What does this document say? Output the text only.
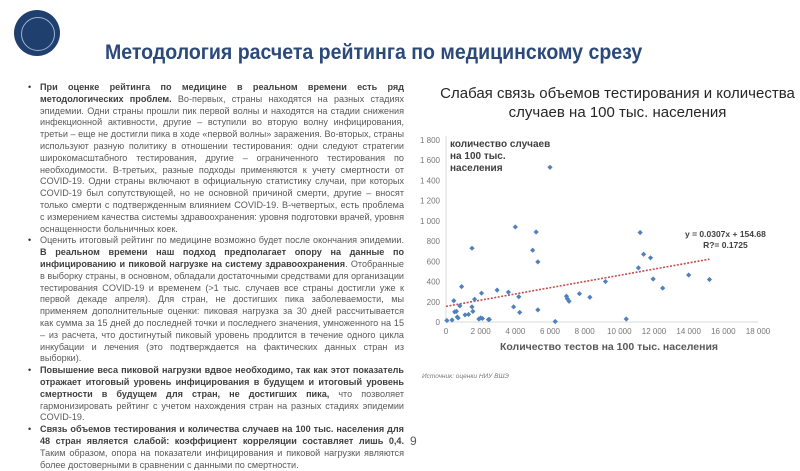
Методология расчета рейтинга по медицинскому срезу
• При оценке рейтинга по медицине в реальном времени есть ряд методологических проблем. Во-первых, страны находятся на разных стадиях эпидемии. Одни страны прошли пик первой волны и находятся на стадии снижения инфекционной активности, другие – вступили во вторую волну инфицирования, третьи – еще не достигли пика в ходе «первой волны» заражения. Во-вторых, страны используют разную политику в отношении тестирования: одни следуют стратегии широкомасштабного тестирования, другие – ограниченного тестирования по необходимости. В-третьих, разные подходы применяются к учету смертности от COVID-19. Одни страны включают в официальную статистику случаи, при которых COVID-19 был сопутствующей, но не основной причиной смерти, другие – вносят только смерти с подтвержденным влиянием COVID-19. В-четвертых, есть проблема с измерением качества системы здравоохранения: уровня подготовки врачей, уровня оснащенности больничных коек.
• Оценить итоговый рейтинг по медицине возможно будет после окончания эпидемии. В реальном времени наш подход предполагает опору на данные по инфицированию и пиковой нагрузке на систему здравоохранения. Отобранные в выборку страны, в основном, обладали достаточными средствами для организации тестирования COVID-19 и временем (>1 тыс. случаев все страны достигли уже к первой декаде апреля). Для стран, не достигших пика заболеваемости, мы применяем дополнительные оценки: пиковая нагрузка за 30 дней рассчитывается как сумма за 15 дней до последней точки и последнего значения, умноженного на 15 – из расчета, что достигнутый пиковый уровень продлится в течение одного цикла инкубации и лечения (это подтверждается на фактических данных стран из выборки).
• Повышение веса пиковой нагрузки вдвое необходимо, так как этот показатель отражает итоговый уровень инфицирования в будущем и итоговый уровень смертности в будущем для стран, не достигших пика, что позволяет гармонизировать рейтинг с учетом нахождения стран на разных стадиях эпидемии COVID-19.
• Связь объемов тестирования и количества случаев на 100 тыс. населения для 48 стран является слабой: коэффициент корреляции составляет лишь 0,4. Таким образом, опора на показатели инфицирования и пиковой нагрузки являются более достоверными в сравнении с данными по смертности.
9
Слабая связь объемов тестирования и количества случаев на 100 тыс. населения
0
200
400
600
800
1 000
1 200
1 400
1 600
1 800
0	2 000 4 000 6 000 8 000 10 000 12 000 14 000 16 000 18 000
количество случаев на 100 тыс. населения
Количество тестов на 100 тыс. населения
y = 0.0307x + 154.68
R?= 0.1725
Источник: оценки НИУ ВШЭ
